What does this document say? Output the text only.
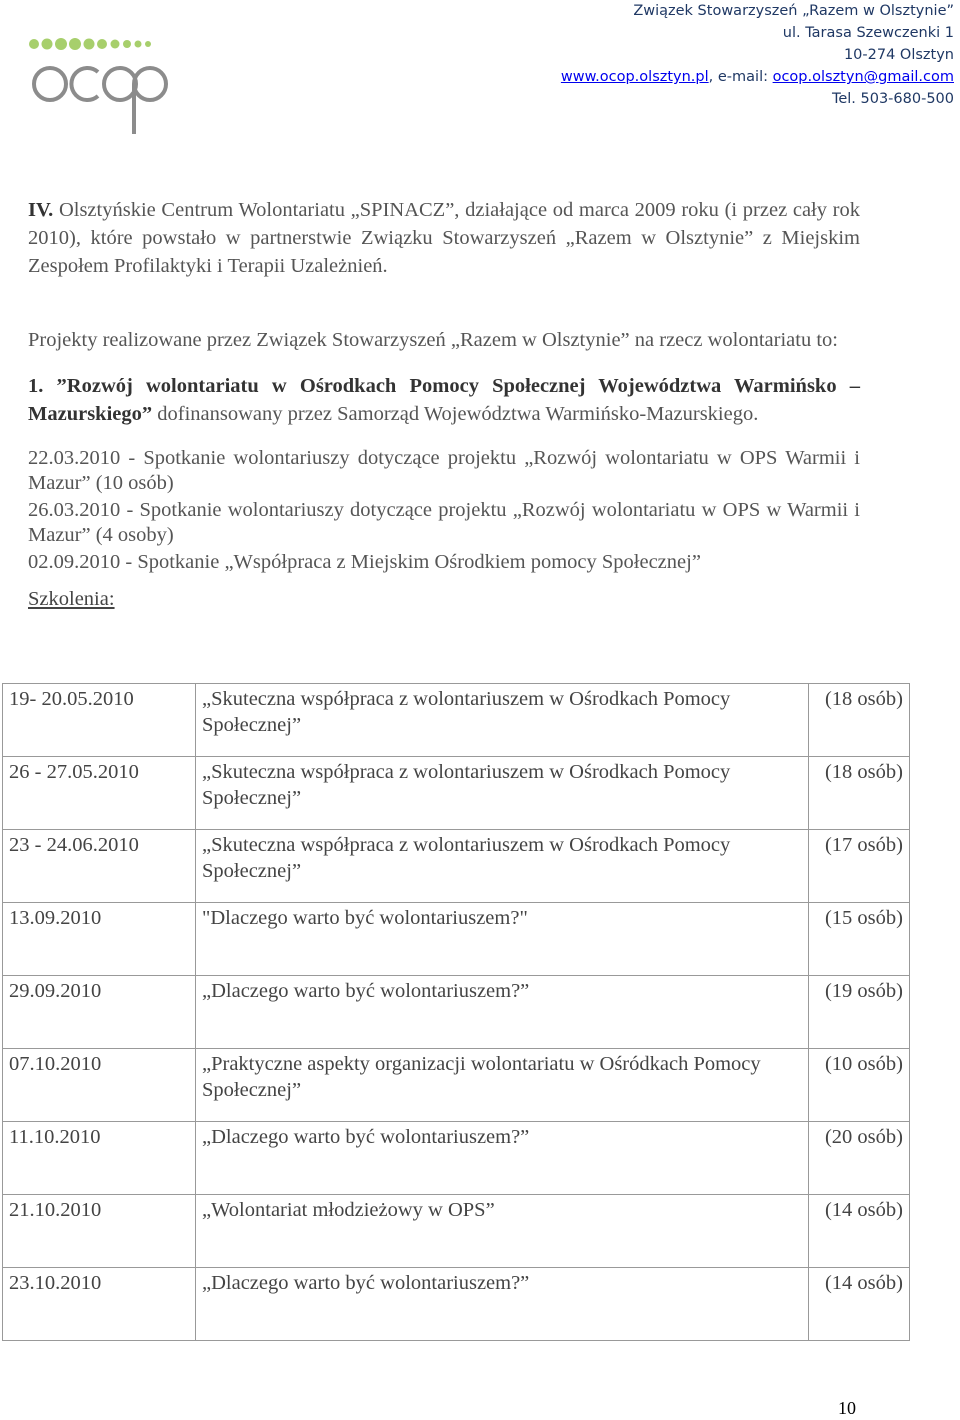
Związek Stowarzyszeń „Razem w Olsztynie”
ul. Tarasa Szewczenki 1
10-274 Olsztyn
www.ocop.olsztyn.pl, e-mail: ocop.olsztyn@gmail.com
Tel. 503-680-500

IV. Olsztyńskie Centrum Wolontariatu „SPINACZ”, działające od marca 2009 roku (i przez cały rok 2010), które powstało w partnerstwie Związku Stowarzyszeń „Razem w Olsztynie” z Miejskim Zespołem Profilaktyki i Terapii Uzależnień.

Projekty realizowane przez Związek Stowarzyszeń „Razem w Olsztynie” na rzecz wolontariatu to:

1. ”Rozwój wolontariatu w Ośrodkach Pomocy Społecznej Województwa Warmińsko – Mazurskiego” dofinansowany przez Samorząd Województwa Warmińsko-Mazurskiego.

22.03.2010 - Spotkanie wolontariuszy dotyczące projektu „Rozwój wolontariatu w OPS Warmii i Mazur” (10 osób)

26.03.2010 - Spotkanie wolontariuszy dotyczące projektu „Rozwój wolontariatu w OPS w Warmii i Mazur” (4 osoby)

02.09.2010 - Spotkanie „Współpraca z Miejskim Ośrodkiem pomocy Społecznej”

Szkolenia:
19- 20.05.2010	„Skuteczna współpraca z wolontariuszem w Ośrodkach Pomocy Społecznej”	(18 osób)
26 - 27.05.2010	„Skuteczna współpraca z wolontariuszem w Ośrodkach Pomocy Społecznej”	(18 osób)
23 - 24.06.2010	„Skuteczna współpraca z wolontariuszem w Ośrodkach Pomocy Społecznej”	(17 osób)
13.09.2010	"Dlaczego warto być wolontariuszem?"	(15 osób)
29.09.2010	„Dlaczego warto być wolontariuszem?”	(19 osób)
07.10.2010	„Praktyczne aspekty organizacji wolontariatu w Ośródkach Pomocy Społecznej”	(10 osób)
11.10.2010	„Dlaczego warto być wolontariuszem?”	(20 osób)
21.10.2010	„Wolontariat młodzieżowy w OPS”	(14 osób)
23.10.2010	„Dlaczego warto być wolontariuszem?”	(14 osób)
10
